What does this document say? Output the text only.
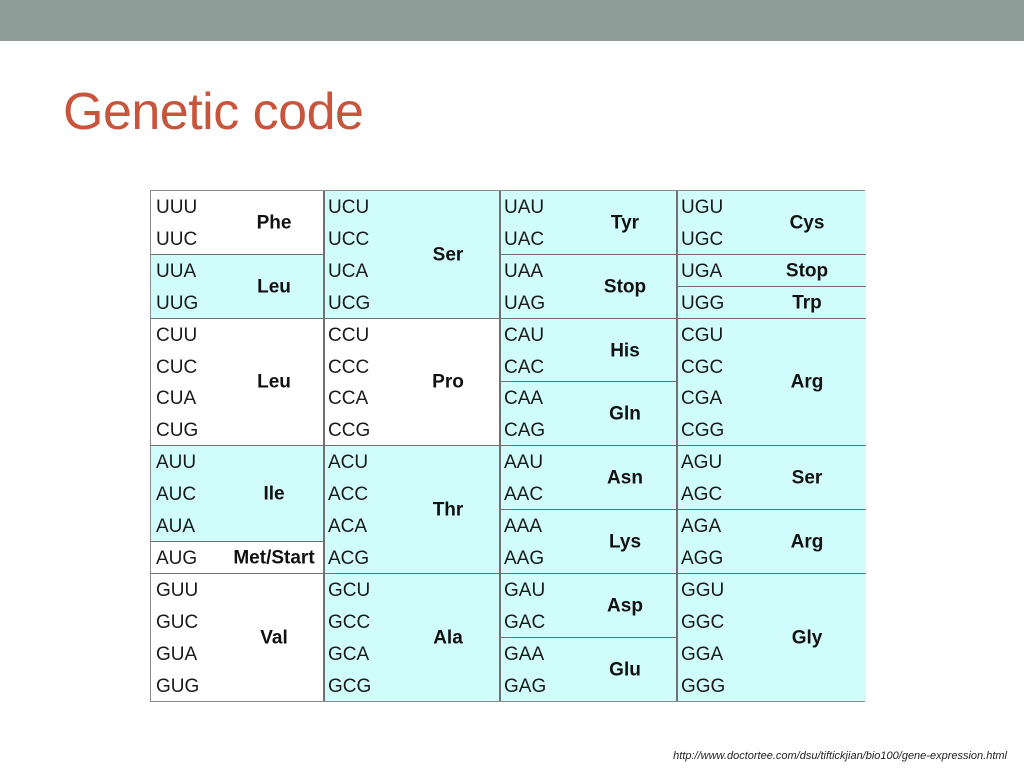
Genetic code
Phe
Leu
Leu
Ile
Met/Start
Val
UUU
UUC
UUA
UUG
CUU
CUC
CUA
CUG
AUU
AUC
AUA
AUG
GUU
GUC
GUA
GUG
Ser
Pro
Thr
Ala
UCU
UCC
UCA
UCG
CCU
CCC
CCA
CCG
ACU
ACC
ACA
ACG
GCU
GCC
GCA
GCG
Tyr
Stop
His
Gln
Asn
Lys
Asp
Glu
UAU
UAC
UAA
UAG
CAU
CAC
CAA
CAG
AAU
AAC
AAA
AAG
GAU
GAC
GAA
GAG
Cys
Stop
Trp
Arg
Ser
Arg
Gly
UGU
UGC
UGA
UGG
CGU
CGC
CGA
CGG
AGU
AGC
AGA
AGG
GGU
GGC
GGA
GGG
http://www.doctortee.com/dsu/tiftickjian/bio100/gene-expression.html
